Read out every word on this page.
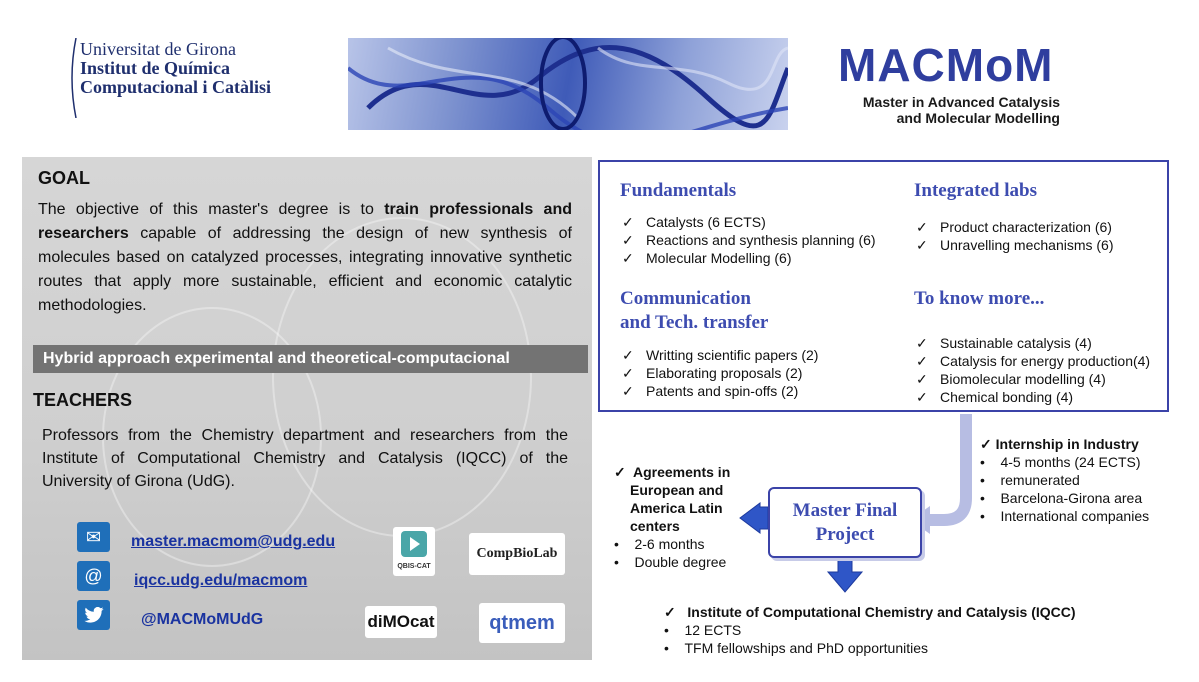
Universitat de Girona
Institut de Química
Computacional i Catàlisi	MACMoM
Master in Advanced Catalysis
and Molecular Modelling
GOAL
The objective of this master's degree is to train professionals and researchers capable of addressing the design of new synthesis of molecules based on catalyzed processes, integrating innovative synthetic routes that apply more sustainable, efficient and economic catalytic methodologies.
Hybrid approach experimental and theoretical-computacional
TEACHERS
Professors from the Chemistry department and researchers from the Institute of Computational Chemistry and Catalysis (IQCC) of the University of Girona (UdG).
✉	master.macmom@udg.edu
@	iqcc.udg.edu/macmom
@MACMoMUdG
QBIS-CAT
CompBioLab
diMOcat	qtmem
Fundamentals
✓ Catalysts (6 ECTS)
✓ Reactions and synthesis planning (6)
✓ Molecular Modelling (6)
Integrated labs
✓ Product characterization (6)
✓ Unravelling mechanisms (6)
Communication
and Tech. transfer
✓ Writting scientific papers (2)
✓ Elaborating proposals (2)
✓ Patents and spin-offs (2)
To know more...
✓ Sustainable catalysis (4)
✓ Catalysis for energy production(4)
✓ Biomolecular modelling (4)
✓ Chemical bonding (4)
Master Final
Project
✓ Internship in Industry
•    4-5 months (24 ECTS)
•    remunerated
•    Barcelona-Girona area
•    International companies
✓ Agreements in
European and
America Latin
centers
•    2-6 months
•    Double degree
✓ Institute of Computational Chemistry and Catalysis (IQCC)
•    12 ECTS
•    TFM fellowships and PhD opportunities
